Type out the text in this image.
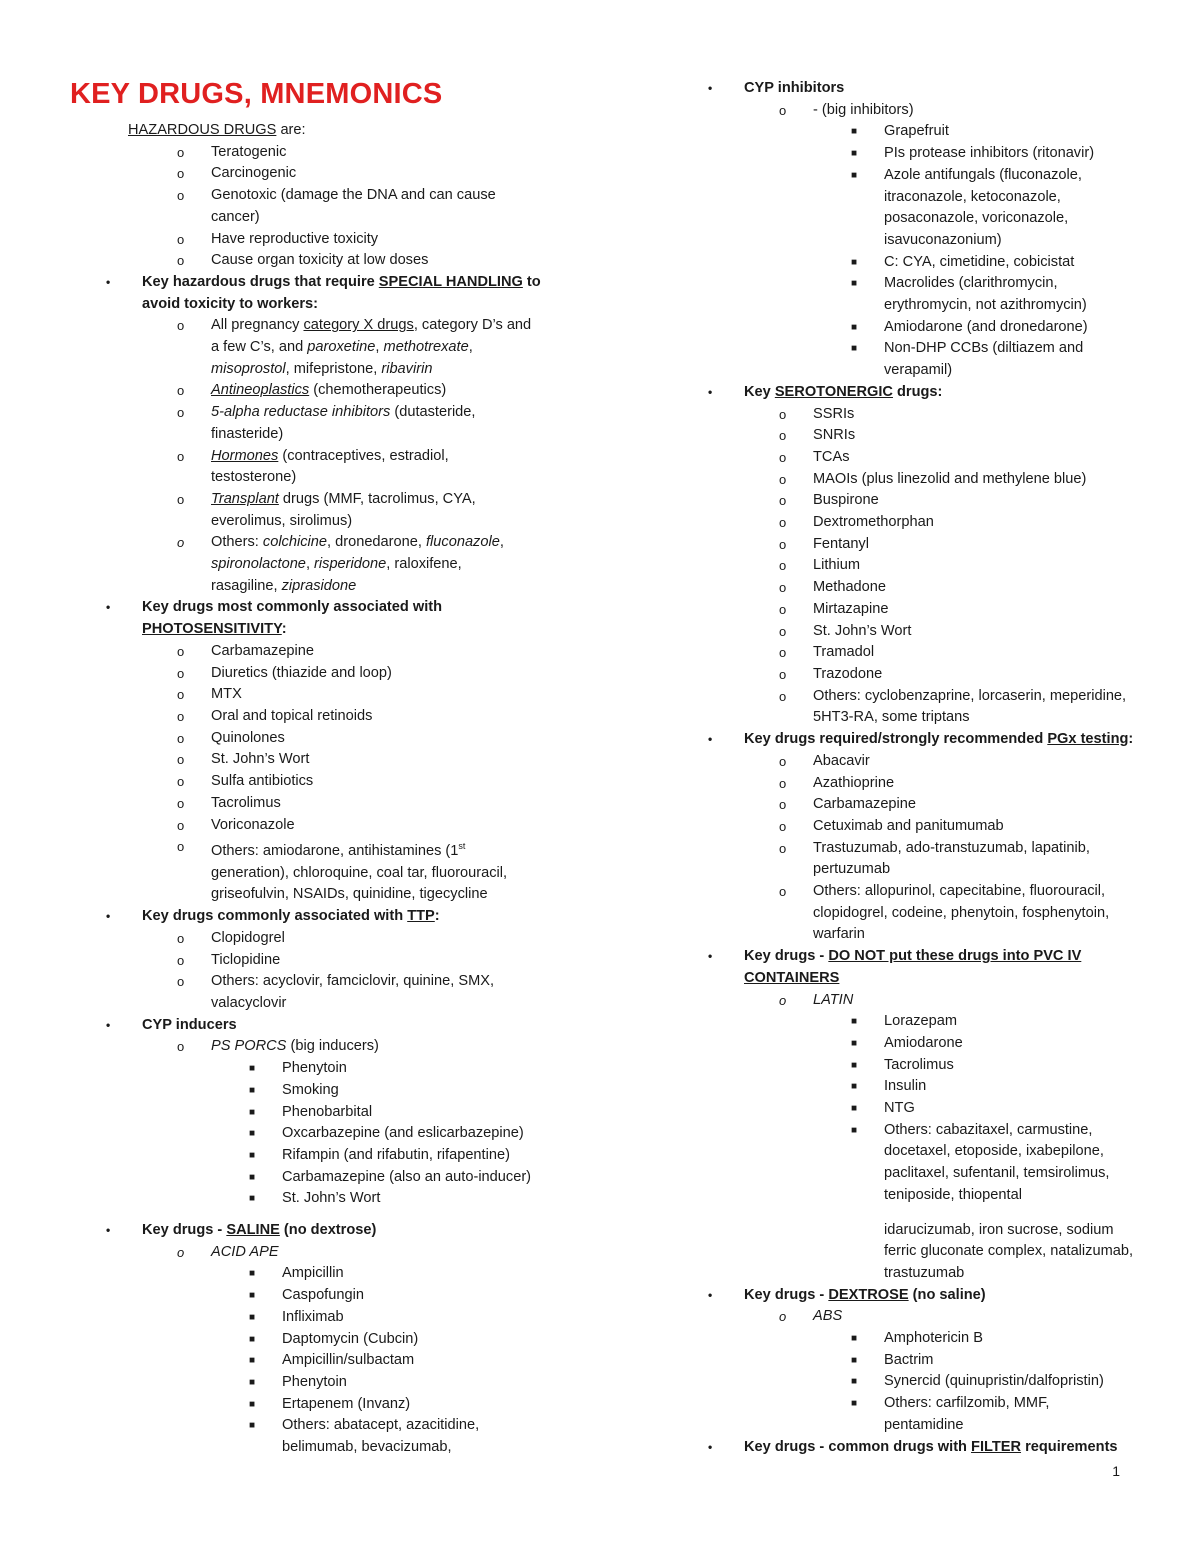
KEY DRUGS, MNEMONICS
HAZARDOUS DRUGS are:
o Teratogenic
o Carcinogenic
o Genotoxic (damage the DNA and can cause
cancer)
o Have reproductive toxicity
o Cause organ toxicity at low doses
• Key hazardous drugs that require SPECIAL HANDLING to
avoid toxicity to workers:
o All pregnancy category X drugs, category D’s and
a few C’s, and paroxetine, methotrexate,
misoprostol, mifepristone, ribavirin
o Antineoplastics (chemotherapeutics)
o 5-alpha reductase inhibitors (dutasteride,
finasteride)
o Hormones (contraceptives, estradiol,
testosterone)
o Transplant drugs (MMF, tacrolimus, CYA,
everolimus, sirolimus)
o Others: colchicine, dronedarone, fluconazole,
spironolactone, risperidone, raloxifene,
rasagiline, ziprasidone
• Key drugs most commonly associated with
PHOTOSENSITIVITY:
o Carbamazepine
o Diuretics (thiazide and loop)
o MTX
o Oral and topical retinoids
o Quinolones
o St. John’s Wort
o Sulfa antibiotics
o Tacrolimus
o Voriconazole
o Others: amiodarone, antihistamines (1st
generation), chloroquine, coal tar, fluorouracil,
griseofulvin, NSAIDs, quinidine, tigecycline
• Key drugs commonly associated with TTP:
o Clopidogrel
o Ticlopidine
o Others: acyclovir, famciclovir, quinine, SMX,
valacyclovir
• CYP inducers
o PS PORCS (big inducers)
■ Phenytoin
■ Smoking
■ Phenobarbital
■ Oxcarbazepine (and eslicarbazepine)
■ Rifampin (and rifabutin, rifapentine)
■ Carbamazepine (also an auto-inducer)
■ St. John’s Wort
• Key drugs - SALINE (no dextrose)
o ACID APE
■ Ampicillin
■ Caspofungin
■ Infliximab
■ Daptomycin (Cubcin)
■ Ampicillin/sulbactam
■ Phenytoin
■ Ertapenem (Invanz)
■ Others: abatacept, azacitidine,
belimumab, bevacizumab,
• CYP inhibitors
o - (big inhibitors)
■ Grapefruit
■ PIs protease inhibitors (ritonavir)
■ Azole antifungals (fluconazole,
itraconazole, ketoconazole,
posaconazole, voriconazole,
isavuconazonium)
■ C: CYA, cimetidine, cobicistat
■ Macrolides (clarithromycin,
erythromycin, not azithromycin)
■ Amiodarone (and dronedarone)
■ Non-DHP CCBs (diltiazem and
verapamil)
• Key SEROTONERGIC drugs:
o SSRIs
o SNRIs
o TCAs
o MAOIs (plus linezolid and methylene blue)
o Buspirone
o Dextromethorphan
o Fentanyl
o Lithium
o Methadone
o Mirtazapine
o St. John’s Wort
o Tramadol
o Trazodone
o Others: cyclobenzaprine, lorcaserin, meperidine,
5HT3-RA, some triptans
• Key drugs required/strongly recommended PGx testing:
o Abacavir
o Azathioprine
o Carbamazepine
o Cetuximab and panitumumab
o Trastuzumab, ado-transtuzumab, lapatinib,
pertuzumab
o Others: allopurinol, capecitabine, fluorouracil,
clopidogrel, codeine, phenytoin, fosphenytoin,
warfarin
• Key drugs - DO NOT put these drugs into PVC IV
CONTAINERS
o LATIN
■ Lorazepam
■ Amiodarone
■ Tacrolimus
■ Insulin
■ NTG
■ Others: cabazitaxel, carmustine,
docetaxel, etoposide, ixabepilone,
paclitaxel, sufentanil, temsirolimus,
teniposide, thiopental
idarucizumab, iron sucrose, sodium
ferric gluconate complex, natalizumab,
trastuzumab
• Key drugs - DEXTROSE (no saline)
o ABS
■ Amphotericin B
■ Bactrim
■ Synercid (quinupristin/dalfopristin)
■ Others: carfilzomib, MMF,
pentamidine
• Key drugs - common drugs with FILTER requirements
1
